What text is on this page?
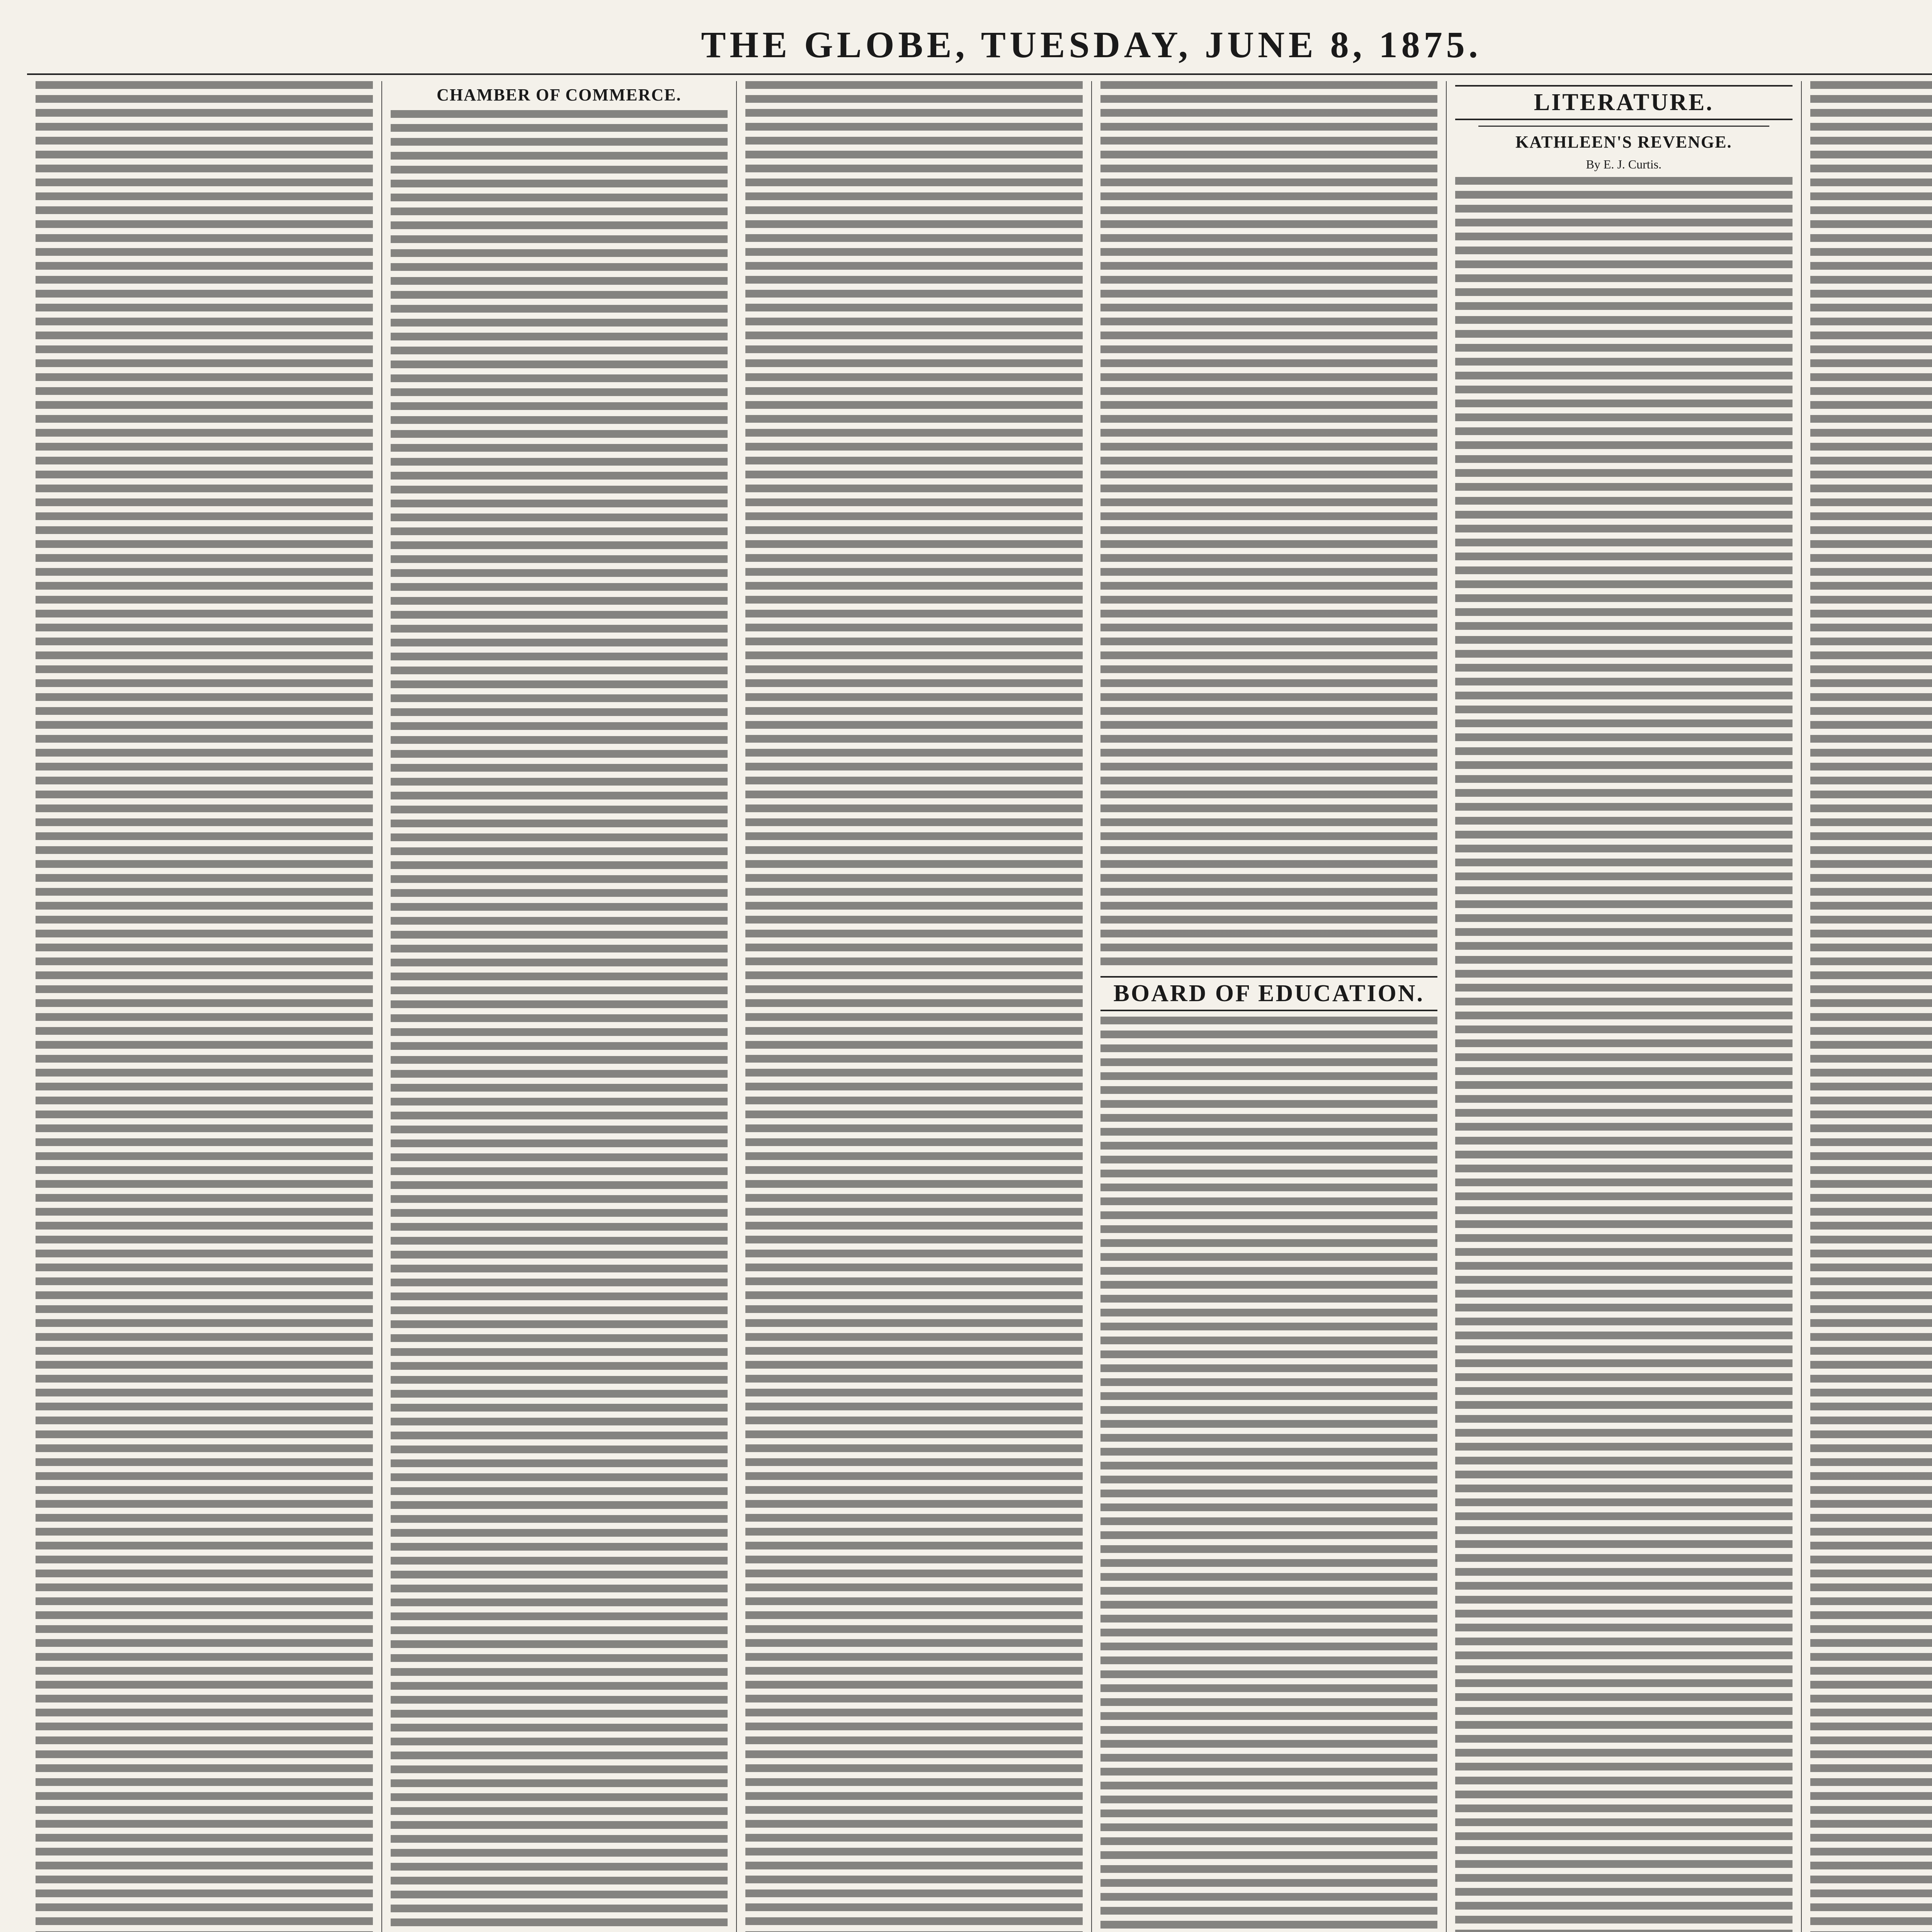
THE GLOBE, TUESDAY, JUNE 8, 1875.
CHAMBER OF COMMERCE.
BOARD OF EDUCATION.
LITERATURE.
KATHLEEN'S REVENGE.
By E. J. Curtis.
